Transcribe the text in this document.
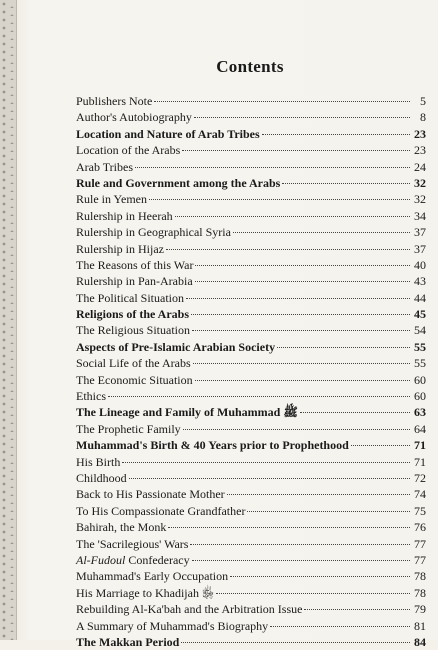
Contents
Publishers Note	5
Author's Autobiography	8
Location and Nature of Arab Tribes	23
Location of the Arabs	23
Arab Tribes	24
Rule and Government among the Arabs	32
Rule in Yemen	32
Rulership in Heerah	34
Rulership in Geographical Syria	37
Rulership in Hijaz	37
The Reasons of this War	40
Rulership in Pan-Arabia	43
The Political Situation	44
Religions of the Arabs	45
The Religious Situation	54
Aspects of Pre-Islamic Arabian Society	55
Social Life of the Arabs	55
The Economic Situation	60
Ethics	60
The Lineage and Family of Muhammad ﷺ	63
The Prophetic Family	64
Muhammad's Birth & 40 Years prior to Prophethood	71
His Birth	71
Childhood	72
Back to His Passionate Mother	74
To His Compassionate Grandfather	75
Bahirah, the Monk	76
The 'Sacrilegious' Wars	77
Al-Fudoul Confederacy	77
Muhammad's Early Occupation	78
His Marriage to Khadijah ﵂	78
Rebuilding Al-Ka'bah and the Arbitration Issue	79
A Summary of Muhammad's Biography	81
The Makkan Period	84
